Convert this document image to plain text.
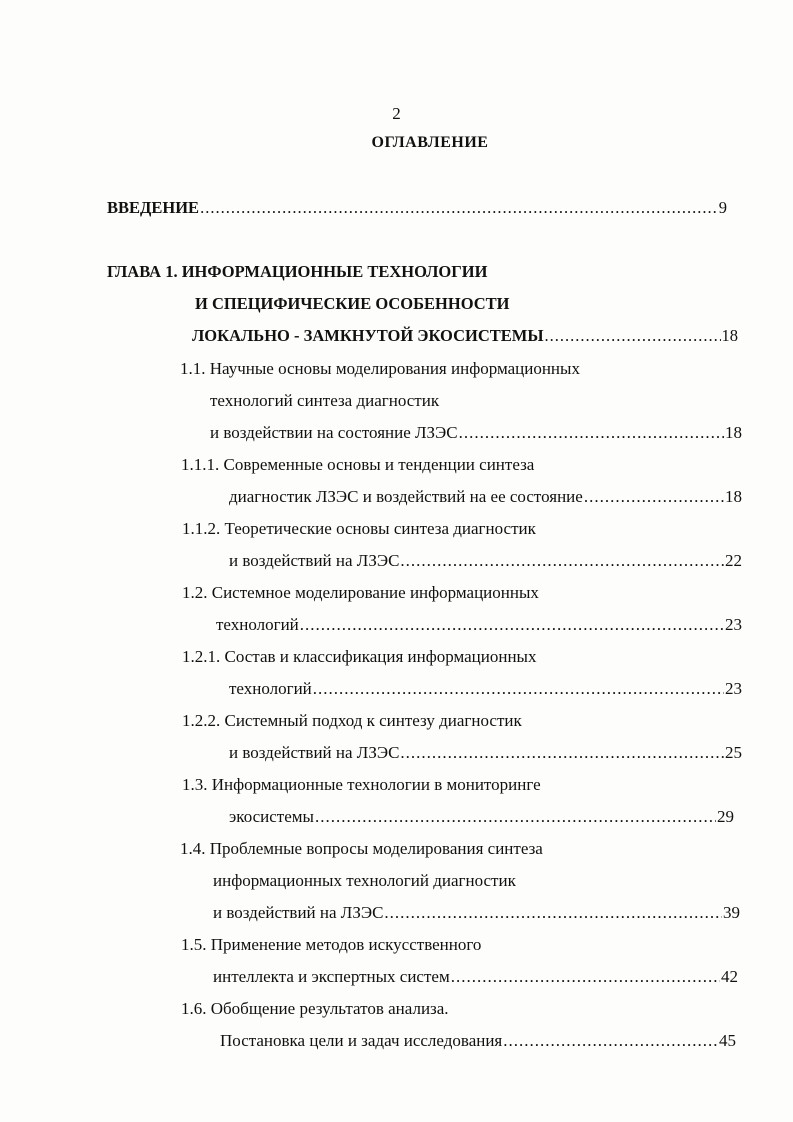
2
ОГЛАВЛЕНИЕ
ВВЕДЕНИЕ .....	9
ГЛАВА 1. ИНФОРМАЦИОННЫЕ ТЕХНОЛОГИИ
И СПЕЦИФИЧЕСКИЕ ОСОБЕННОСТИ
ЛОКАЛЬНО - ЗАМКНУТОЙ ЭКОСИСТЕМЫ .....	18
1.1. Научные основы моделирования информационных
технологий синтеза диагностик
и воздействии на состояние ЛЗЭС .....	18
1.1.1. Современные основы и тенденции синтеза
диагностик ЛЗЭС и воздействий на ее состояние .....	18
1.1.2. Теоретические основы синтеза диагностик
и воздействий на ЛЗЭС .....	22
1.2. Системное моделирование информационных
технологий .....	23
1.2.1. Состав и классификация информационных
технологий .....	23
1.2.2. Системный подход к синтезу диагностик
и воздействий на ЛЗЭС .....	25
1.3. Информационные технологии в мониторинге
экосистемы .....	29
1.4. Проблемные вопросы моделирования синтеза
информационных технологий диагностик
и воздействий на ЛЗЭС .....	39
1.5. Применение методов искусственного
интеллекта и экспертных систем .....	42
1.6. Обобщение результатов анализа.
Постановка цели и задач исследования .....	45
